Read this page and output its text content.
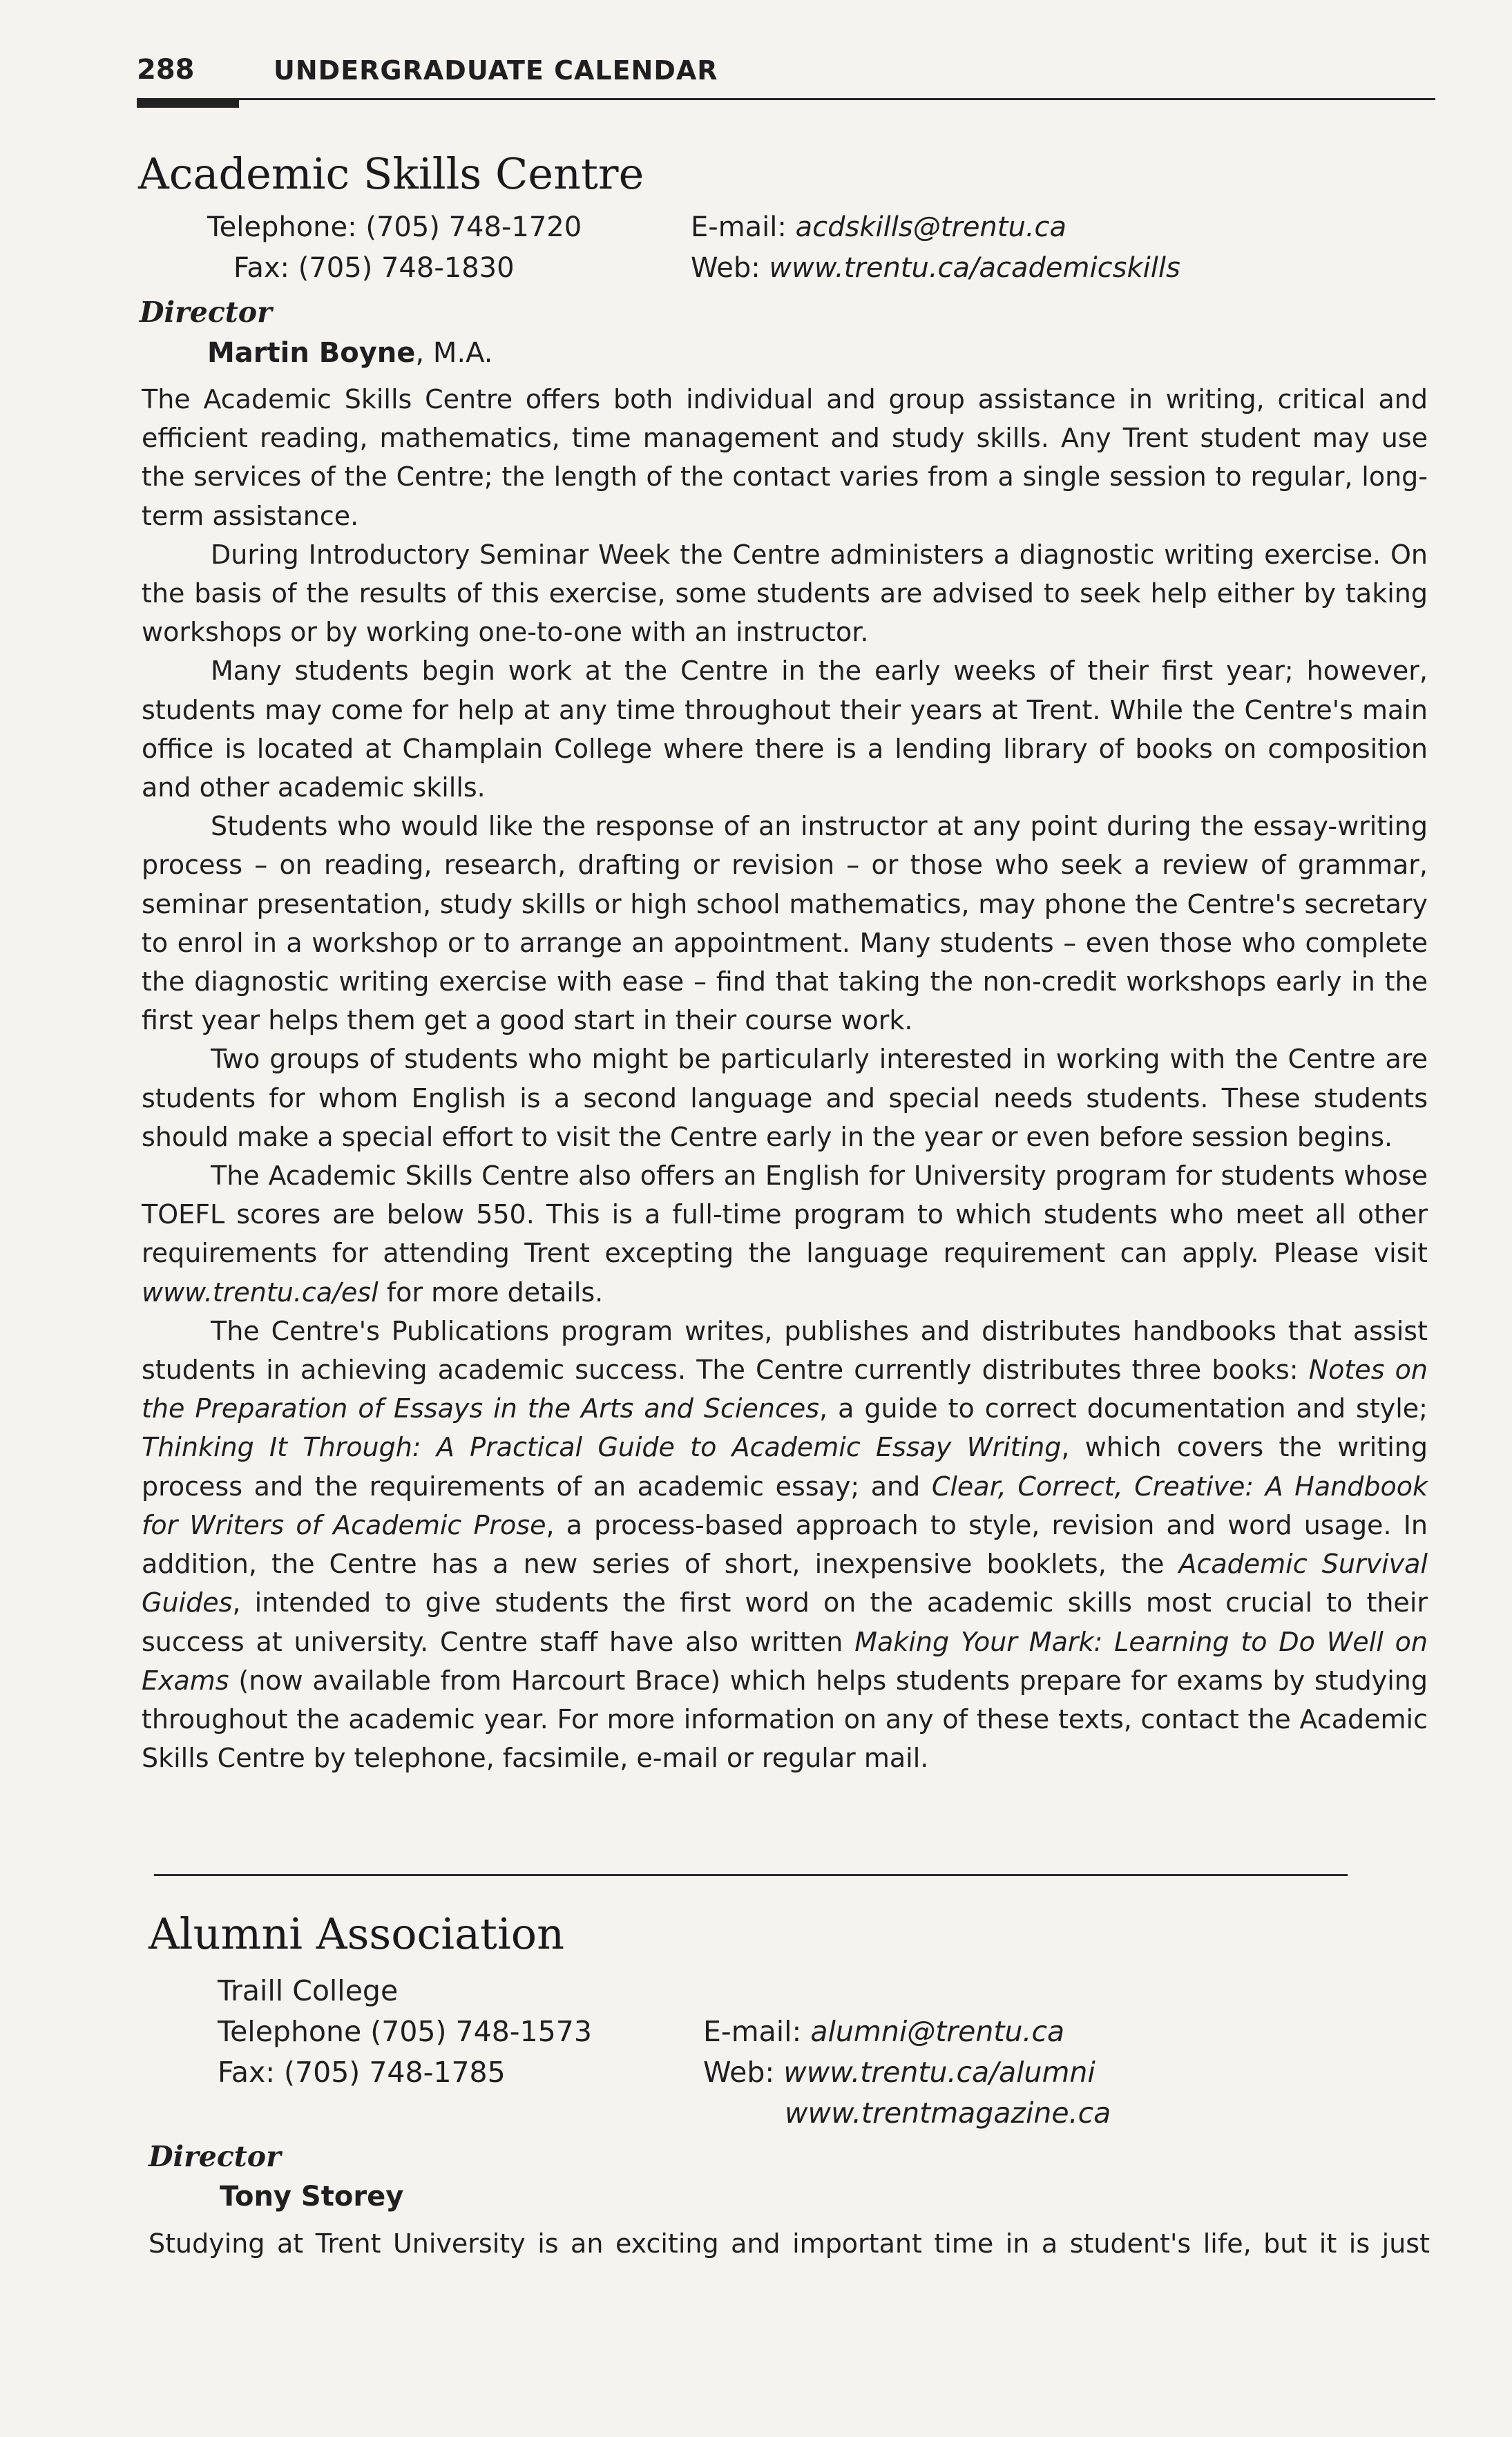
288	UNDERGRADUATE CALENDAR
Academic Skills Centre
Telephone: (705) 748-1720
Fax: (705) 748-1830
E-mail: acdskills@trentu.ca
Web: www.trentu.ca/academicskills
Director
Martin Boyne, M.A.

The Academic Skills Centre offers both individual and group assistance in writing, critical and efficient reading, mathematics, time management and study skills. Any Trent student may use the services of the Centre; the length of the contact varies from a single session to regular, long-term assistance.

During Introductory Seminar Week the Centre administers a diagnostic writing exercise. On the basis of the results of this exercise, some students are advised to seek help either by taking workshops or by working one-to-one with an instructor.

Many students begin work at the Centre in the early weeks of their first year; however, students may come for help at any time throughout their years at Trent. While the Centre's main office is located at Champlain College where there is a lending library of books on composition and other academic skills.

Students who would like the response of an instructor at any point during the essay-writing process – on reading, research, drafting or revision – or those who seek a review of grammar, seminar presentation, study skills or high school mathematics, may phone the Centre's secretary to enrol in a workshop or to arrange an appointment. Many students – even those who complete the diagnostic writing exercise with ease – find that taking the non-credit workshops early in the first year helps them get a good start in their course work.

Two groups of students who might be particularly interested in working with the Centre are students for whom English is a second language and special needs students. These students should make a special effort to visit the Centre early in the year or even before session begins.

The Academic Skills Centre also offers an English for University program for students whose TOEFL scores are below 550. This is a full-time program to which students who meet all other requirements for attending Trent excepting the language requirement can apply. Please visit www.trentu.ca/esl for more details.

The Centre's Publications program writes, publishes and distributes handbooks that assist students in achieving academic success. The Centre currently distributes three books: Notes on the Preparation of Essays in the Arts and Sciences, a guide to correct documentation and style; Thinking It Through: A Practical Guide to Academic Essay Writing, which covers the writing process and the requirements of an academic essay; and Clear, Correct, Creative: A Handbook for Writers of Academic Prose, a process-based approach to style, revision and word usage. In addition, the Centre has a new series of short, inexpensive booklets, the Academic Survival Guides, intended to give students the first word on the academic skills most crucial to their success at university. Centre staff have also written Making Your Mark: Learning to Do Well on Exams (now available from Harcourt Brace) which helps students prepare for exams by studying throughout the academic year. For more information on any of these texts, contact the Academic Skills Centre by telephone, facsimile, e-mail or regular mail.

Alumni Association
Traill College
Telephone (705) 748-1573
Fax: (705) 748-1785
E-mail: alumni@trentu.ca
Web: www.trentu.ca/alumni
www.trentmagazine.ca
Director
Tony Storey
Studying at Trent University is an exciting and important time in a student's life, but it is just
